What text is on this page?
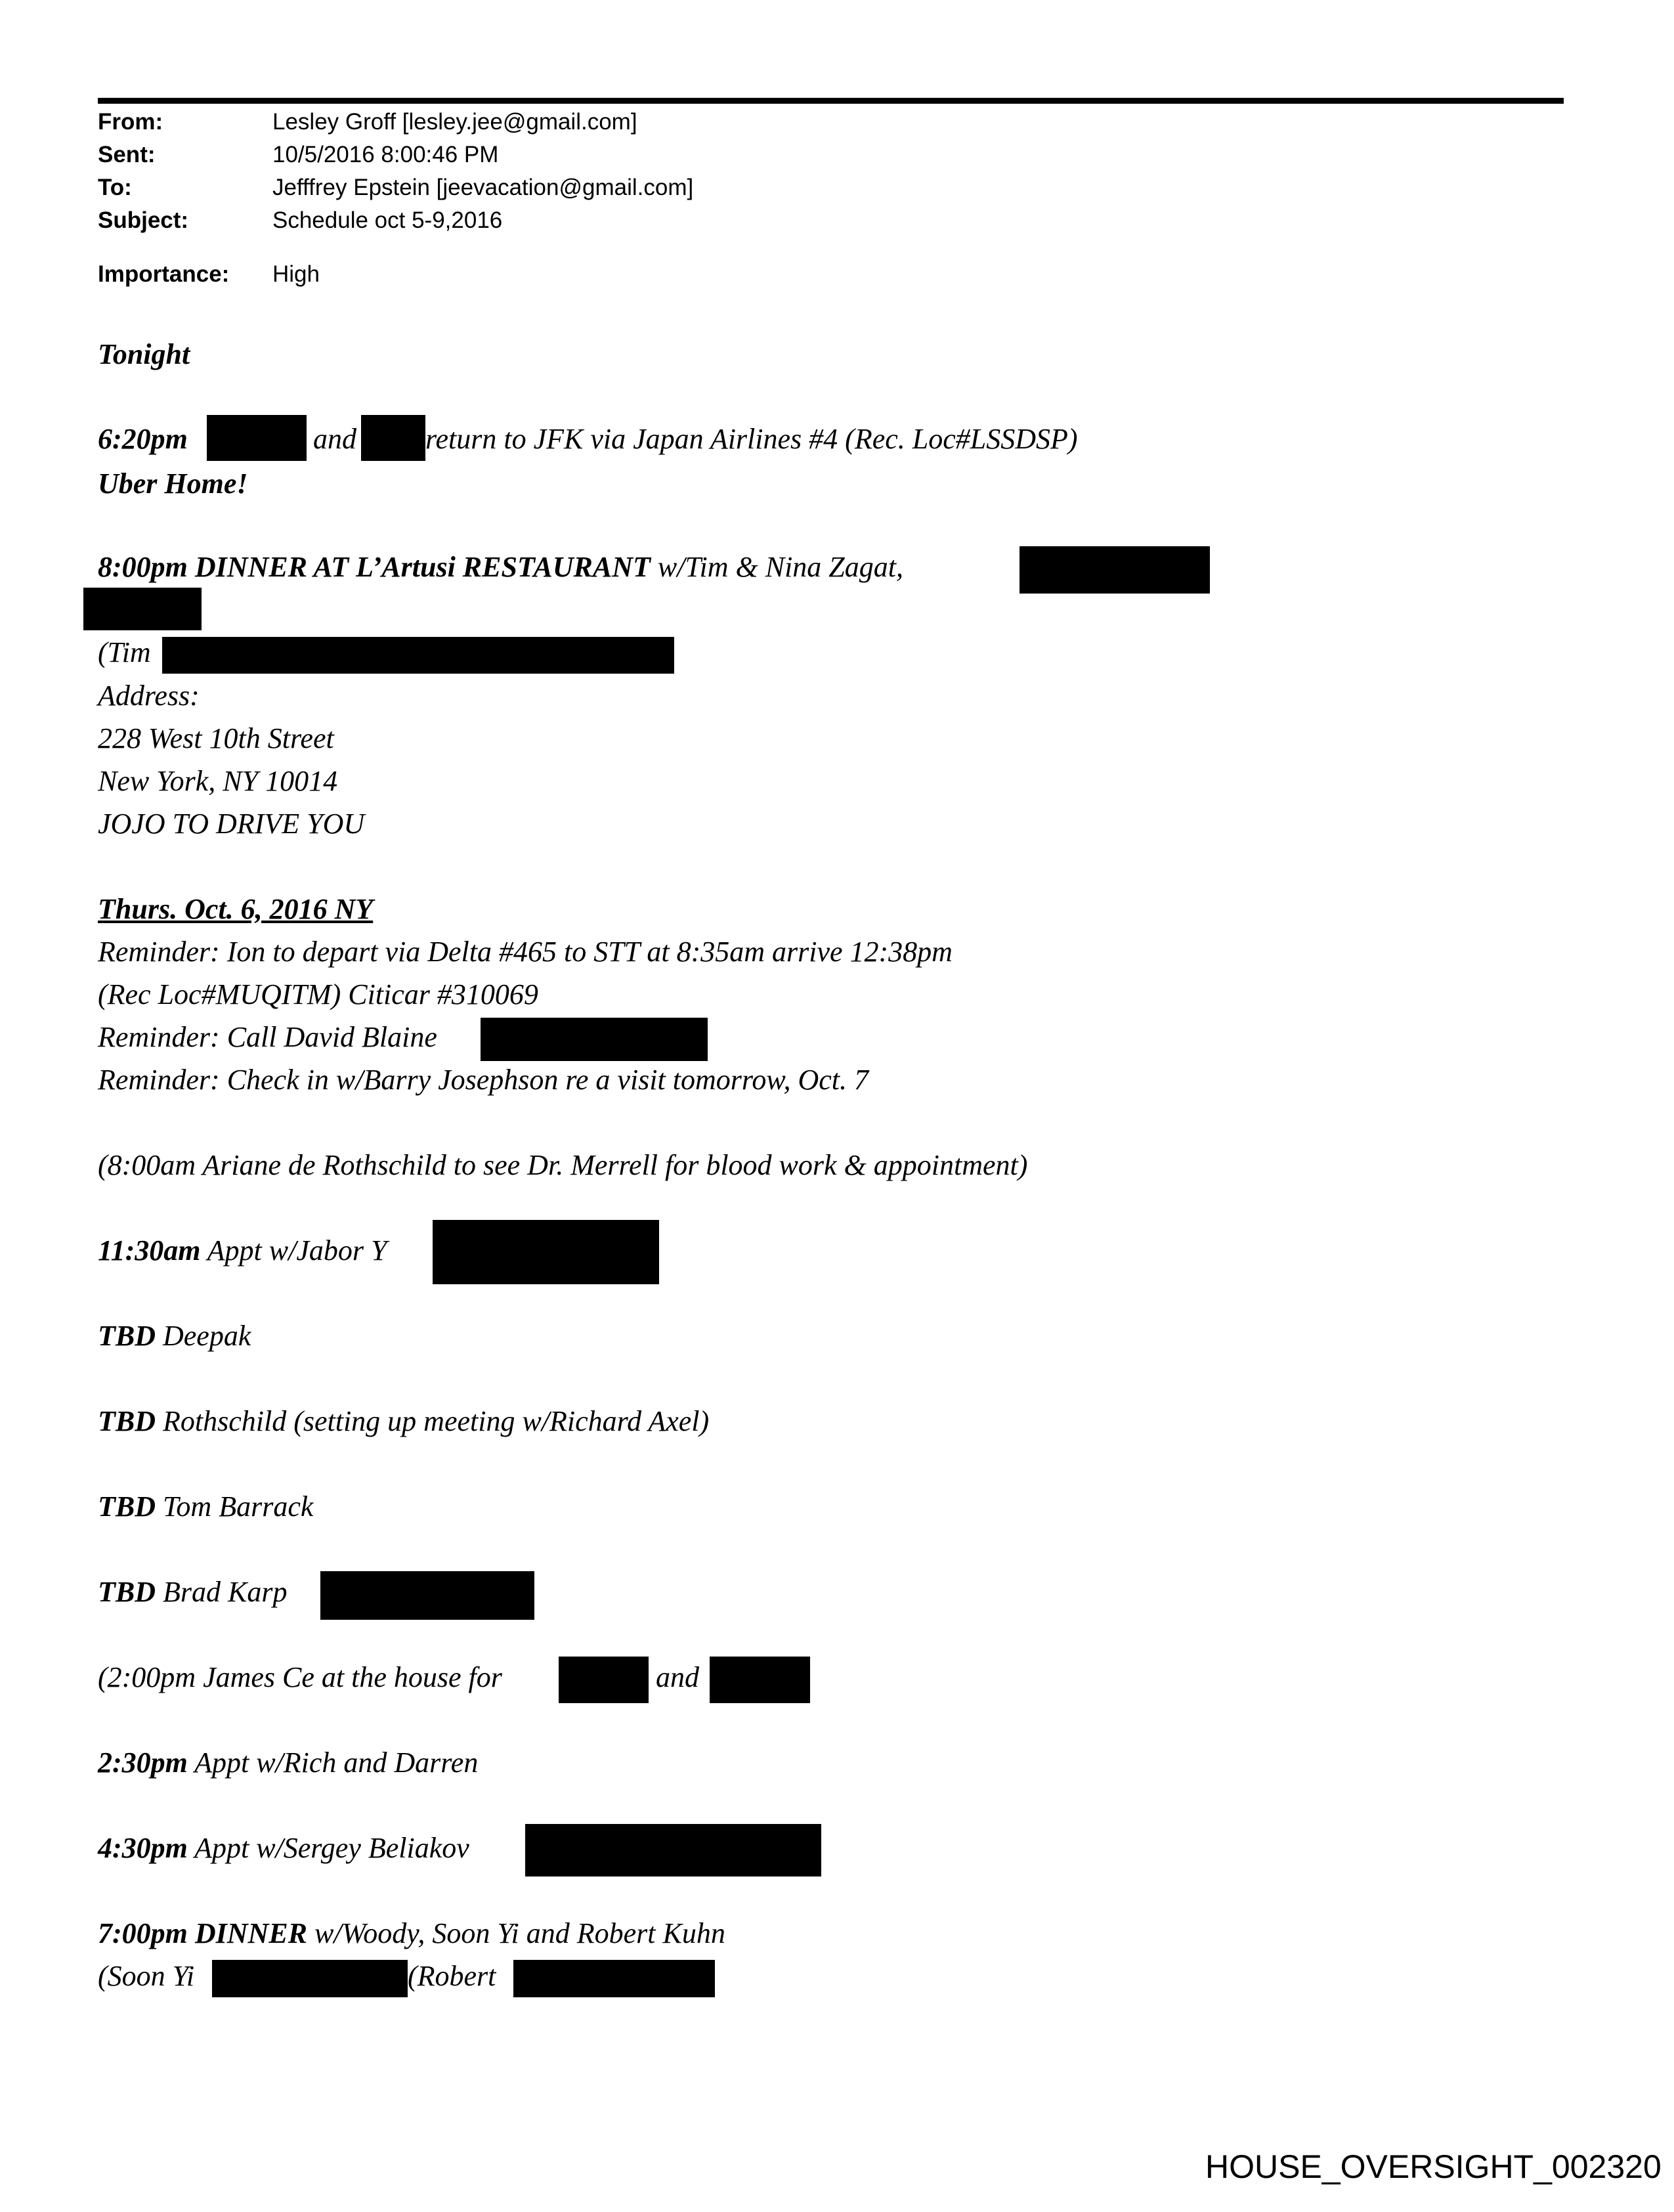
From:	Lesley Groff [lesley.jee@gmail.com]
Sent:	10/5/2016 8:00:46 PM
To:	Jefffrey Epstein [jeevacation@gmail.com]
Subject:	Schedule oct 5-9,2016
Importance: High
Tonight
6:20pm	and return to JFK via Japan Airlines #4 (Rec. Loc#LSSDSP)
Uber Home!
8:00pm DINNER AT L’Artusi RESTAURANT w/Tim & Nina Zagat,
(Tim
Address:
228 West 10th Street
New York, NY 10014
JOJO TO DRIVE YOU
Thurs. Oct. 6, 2016 NY
Reminder: Ion to depart via Delta #465 to STT at 8:35am arrive 12:38pm
(Rec Loc#MUQITM) Citicar #310069
Reminder: Call David Blaine
Reminder: Check in w/Barry Josephson re a visit tomorrow, Oct. 7
(8:00am Ariane de Rothschild to see Dr. Merrell for blood work & appointment)
11:30am Appt w/Jabor Y
TBD Deepak
TBD Rothschild (setting up meeting w/Richard Axel)
TBD Tom Barrack
TBD Brad Karp
(2:00pm James Ce at the house for	and
2:30pm Appt w/Rich and Darren
4:30pm Appt w/Sergey Beliakov
7:00pm DINNER w/Woody, Soon Yi and Robert Kuhn
(Soon Yi	(Robert
HOUSE_OVERSIGHT_002320
